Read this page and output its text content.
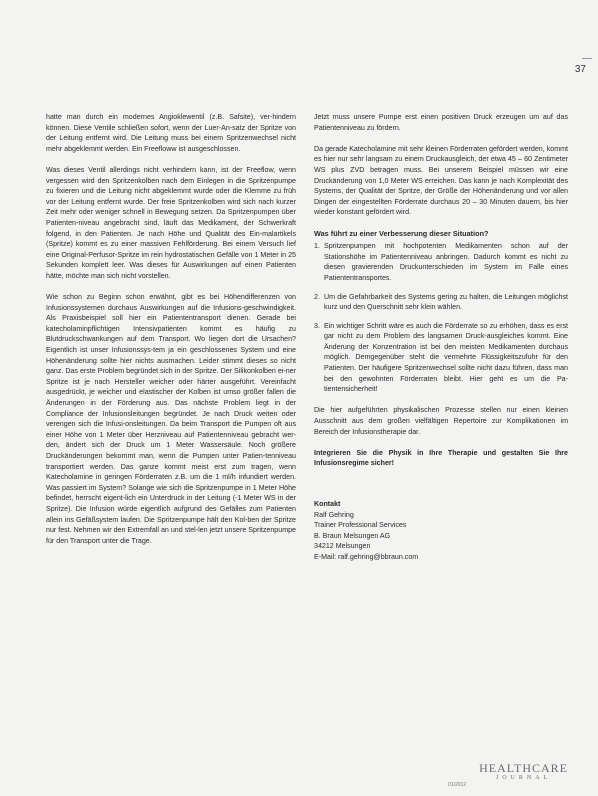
37

hatte man durch ein modernes Angioklewentil (z.B. Safsite), ver-hindern können. Diese Ventile schließen sofort, wenn der Luer-An-satz der Spritze von der Leitung entfernt wird. Die Leitung muss bei einem Spritzenwechsel nicht mehr abgeklemmt werden. Ein Freefloww ist ausgeschlossen.

Was dieses Ventil allerdings nicht verhindern kann, ist der Freeflow, wenn vergessen wird den Spritzenkolben nach dem Einlegen in die Spritzenpumpe zu fixieren und die Leitung nicht abgeklemmt wurde oder die Klemme zu früh vor der Leitung entfernt wurde. Der freie Spritzenkolben wird sich nach kurzer Zeit mehr oder weniger schnell in Bewegung setzen. Da Spritzenpumpen über Patienten-niveau angebracht sind, läuft das Medikament, der Schwerkraft folgend, in den Patienten. Je nach Höhe und Qualität des Ein-malartikels (Spritze) kommt es zu einer massiven Fehlförderung. Bei einem Versuch lief eine Original-Perfusor-Spritze im rein hydrostatischen Gefälle von 1 Meter in 25 Sekunden komplett leer. Was dieses für Auswirkungen auf einen Patienten hätte, möchte man sich nicht vorstellen.

Wie schon zu Beginn schon erwähnt, gibt es bei Höhendifferenzen von Infusionssystemen durchaus Auswirkungen auf die Infusions-geschwindigkeit. Als Praxisbeispiel soll hier ein Patiententransport dienen. Gerade bei katecholaminpflichtigen Intensivpatienten kommt es häufig zu Blutdruckschwankungen auf dem Transport. Wo liegen dort die Ursachen? Eigentlich ist unser Infusionssys-tem ja ein geschlossenes System und eine Höhenänderung sollte hier nichts ausmachen. Leider stimmt dieses so nicht ganz. Das erste Problem begründet sich in der Spritze. Der Silikonkolben ei-ner Spritze ist je nach Hersteller weicher oder härter ausgeführt. Vereinfacht ausgedrückt, je weicher und elastischer der Kolben ist umso größer fallen die Änderungen in der Förderung aus. Das nächste Problem liegt in der Compliance der Infusionsleitungen begründet. Je nach Druck weiten oder verengen sich die Infusi-onsleitungen. Da beim Transport die Pumpen oft aus einer Höhe von 1 Meter über Herzniveau auf Patientenniveau gebracht wer-den, ändert sich der Druck um 1 Meter Wassersäule. Noch größere Druckänderungen bekommt man, wenn die Pumpen unter Patien-tenniveau transportiert werden. Das ganze kommt meist erst zum tragen, wenn Katecholamine in geringen Förderraten z.B. um die 1 ml/h infundiert werden. Was passiert im System? Solange wie sich die Spritzenpumpe in 1 Meter Höhe befindet, herrscht eigent-lich ein Unterdruck in der Leitung (-1 Meter WS in der Spritze). Die Infusion würde eigentlich aufgrund des Gefälles zum Patienten allein ins Gefäßsystem laufen. Die Spritzenpumpe hält den Kol-ben der Spritze nur fest. Nehmen wir den Extremfall an und stel-len jetzt unsere Spritzenpumpe für den Transport unter die Trage.

Jetzt muss unsere Pumpe erst einen positiven Druck erzeugen um auf das Patientenniveau zu fördern.

Da gerade Katecholamine mit sehr kleinen Förderraten gefördert werden, kommt es hier nur sehr langsam zu einem Druckausgleich, der etwa 45 – 60 Zentimeter WS plus ZVD betragen muss. Bei unserem Beispiel müssen wir eine Druckänderung von 1,0 Meter WS erreichen. Das kann je nach Komplexität des Systems, der Qualität der Spritze, der Größe der Höhenänderung und vor allen Dingen der eingestellten Förderrate durchaus 20 – 30 Minuten dauern, bis hier wieder konstant gefördert wird.

Was führt zu einer Verbesserung dieser Situation?
1. Spritzenpumpen mit hochpotenten Medikamenten schon auf der Stationshöhe im Patientenniveau anbringen. Dadurch kommt es nicht zu diesen gravierenden Druckunterschieden im System im Falle eines Patiententransportes.
2. Um die Gefahrbarkeit des Systems gering zu halten, die Leitungen möglichst kurz und den Querschnitt sehr klein wählen.
3. Ein wichtiger Schritt wäre es auch die Förderrate so zu erhöhen, dass es erst gar nicht zu dem Problem des langsamen Druck-ausgleiches kommt. Eine Änderung der Konzentration ist bei den meisten Medikamenten durchaus möglich. Demgegenüber steht die vermehrte Flüssigkeitszufuhr für den Patienten. Der häufigere Spritzenwechsel sollte nicht dazu führen, dass man bei den gewohnten Förderraten bleibt. Hier geht es um die Pa-tientensicherheit!

Die hier aufgeführten physikalischen Prozesse stellen nur einen kleinen Ausschnitt aus dem großen vielfältigen Repertoire zur Komplikationen im Bereich der Infusionstherapie dar.

Integrieren Sie die Physik in Ihre Therapie und gestalten Sie Ihre Infusionsregime sicher!

Kontakt
Ralf Gehring
Trainer Professional Services
B. Braun Melsungen AG
34212 Melsungen
E-Mail: ralf.gehring@bbraun.com
01/2012
HEALTHCARE
JOURNAL
